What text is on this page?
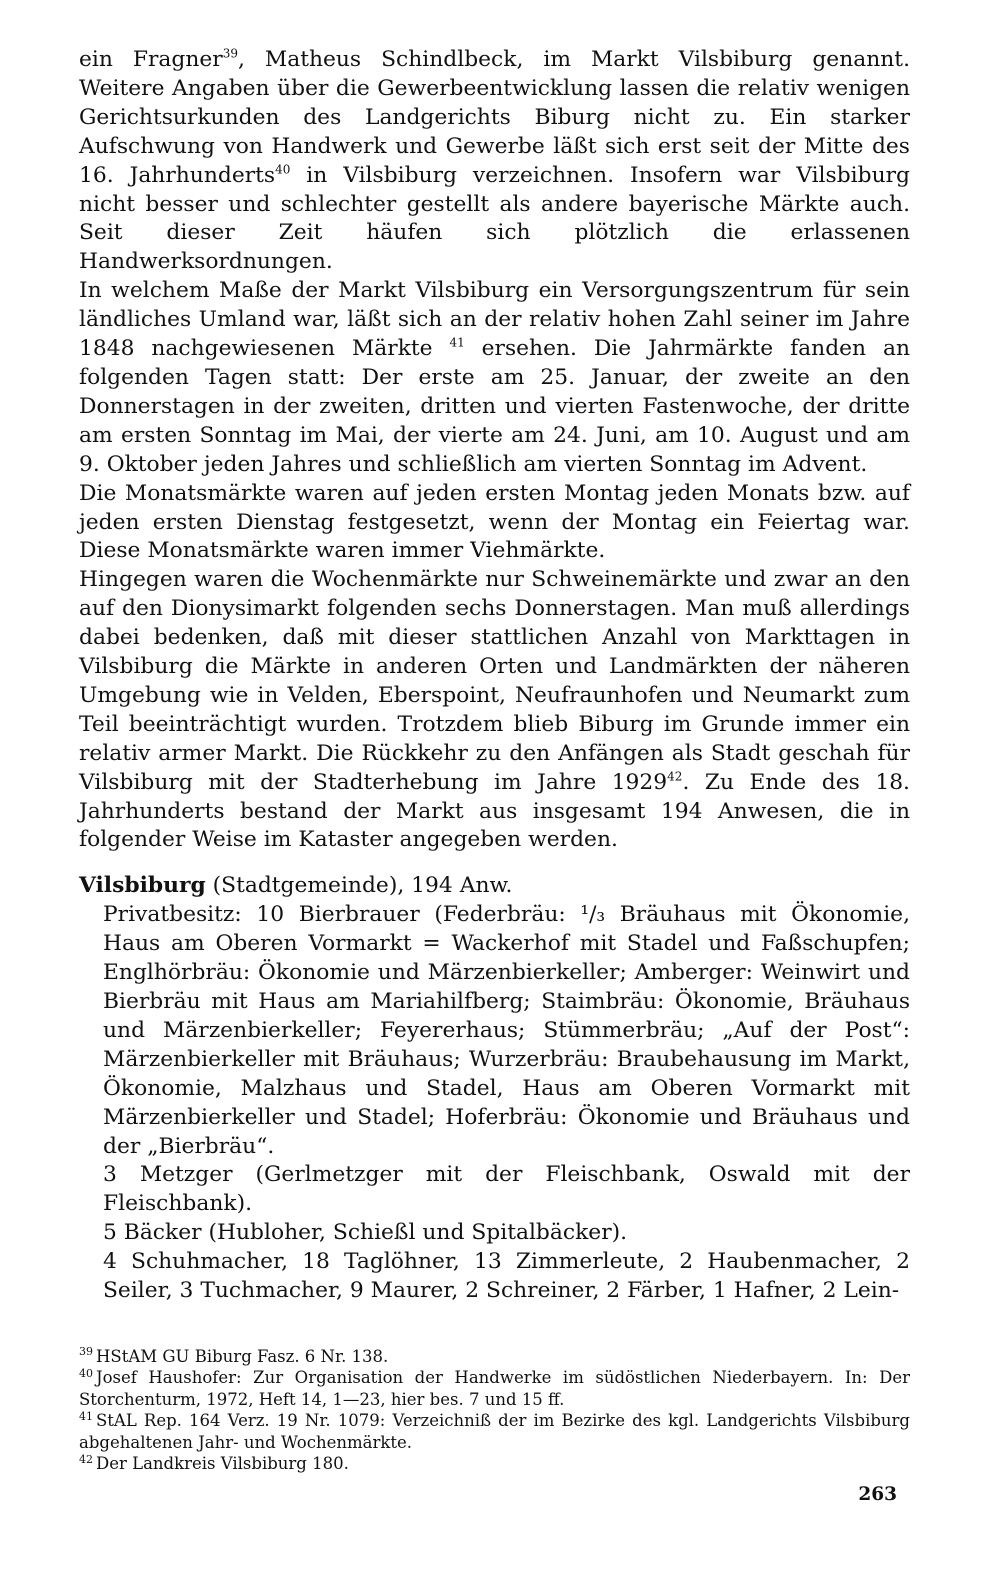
ein Fragner$^{39}$, Matheus Schindlbeck, im Markt Vilsbiburg genannt. Weitere Angaben über die Gewerbeentwicklung lassen die relativ wenigen Gerichtsurkunden des Landgerichts Biburg nicht zu. Ein starker Aufschwung von Handwerk und Gewerbe läßt sich erst seit der Mitte des 16. Jahrhunderts$^{40}$ in Vilsbiburg verzeichnen. Insofern war Vilsbiburg nicht besser und schlechter gestellt als andere bayerische Märkte auch. Seit dieser Zeit häufen sich plötzlich die erlassenen Handwerksordnungen.

In welchem Maße der Markt Vilsbiburg ein Versorgungszentrum für sein ländliches Umland war, läßt sich an der relativ hohen Zahl seiner im Jahre 1848 nachgewiesenen Märkte $^{41}$ ersehen. Die Jahrmärkte fanden an folgenden Tagen statt: Der erste am 25. Januar, der zweite an den Donnerstagen in der zweiten, dritten und vierten Fastenwoche, der dritte am ersten Sonntag im Mai, der vierte am 24. Juni, am 10. August und am 9. Oktober jeden Jahres und schließlich am vierten Sonntag im Advent.

Die Monatsmärkte waren auf jeden ersten Montag jeden Monats bzw. auf jeden ersten Dienstag festgesetzt, wenn der Montag ein Feiertag war. Diese Monatsmärkte waren immer Viehmärkte.

Hingegen waren die Wochenmärkte nur Schweinemärkte und zwar an den auf den Dionysimarkt folgenden sechs Donnerstagen. Man muß allerdings dabei bedenken, daß mit dieser stattlichen Anzahl von Markttagen in Vilsbiburg die Märkte in anderen Orten und Landmärkten der näheren Umgebung wie in Velden, Eberspoint, Neufraunhofen und Neumarkt zum Teil beeinträchtigt wurden. Trotzdem blieb Biburg im Grunde immer ein relativ armer Markt. Die Rückkehr zu den Anfängen als Stadt geschah für Vilsbiburg mit der Stadterhebung im Jahre 1929$^{42}$. Zu Ende des 18. Jahrhunderts bestand der Markt aus insgesamt 194 Anwesen, die in folgender Weise im Kataster angegeben werden.

Vilsbiburg (Stadtgemeinde), 194 Anw.

Privatbesitz: 10 Bierbrauer (Federbräu: ¹/₃ Bräuhaus mit Ökonomie, Haus am Oberen Vormarkt = Wackerhof mit Stadel und Faßschupfen; Englhörbräu: Ökonomie und Märzenbierkeller; Amberger: Weinwirt und Bierbräu mit Haus am Mariahilfberg; Staimbräu: Ökonomie, Bräuhaus und Märzenbierkeller; Feyererhaus; Stümmerbräu; „Auf der Post“: Märzenbierkeller mit Bräuhaus; Wurzerbräu: Braubehausung im Markt, Ökonomie, Malzhaus und Stadel, Haus am Oberen Vormarkt mit Märzenbierkeller und Stadel; Hoferbräu: Ökonomie und Bräuhaus und der „Bierbräu“.

3 Metzger (Gerlmetzger mit der Fleischbank, Oswald mit der Fleischbank).

5 Bäcker (Hubloher, Schießl und Spitalbäcker).

4 Schuhmacher, 18 Taglöhner, 13 Zimmerleute, 2 Haubenmacher, 2 Seiler, 3 Tuchmacher, 9 Maurer, 2 Schreiner, 2 Färber, 1 Hafner, 2 Lein-

$^{39}$ HStAM GU Biburg Fasz. 6 Nr. 138.

$^{40}$ Josef Haushofer: Zur Organisation der Handwerke im südöstlichen Niederbayern. In: Der Storchenturm, 1972, Heft 14, 1—23, hier bes. 7 und 15 ff.

$^{41}$ StAL Rep. 164 Verz. 19 Nr. 1079: Verzeichniß der im Bezirke des kgl. Landgerichts Vilsbiburg abgehaltenen Jahr- und Wochenmärkte.

$^{42}$ Der Landkreis Vilsbiburg 180.

263
